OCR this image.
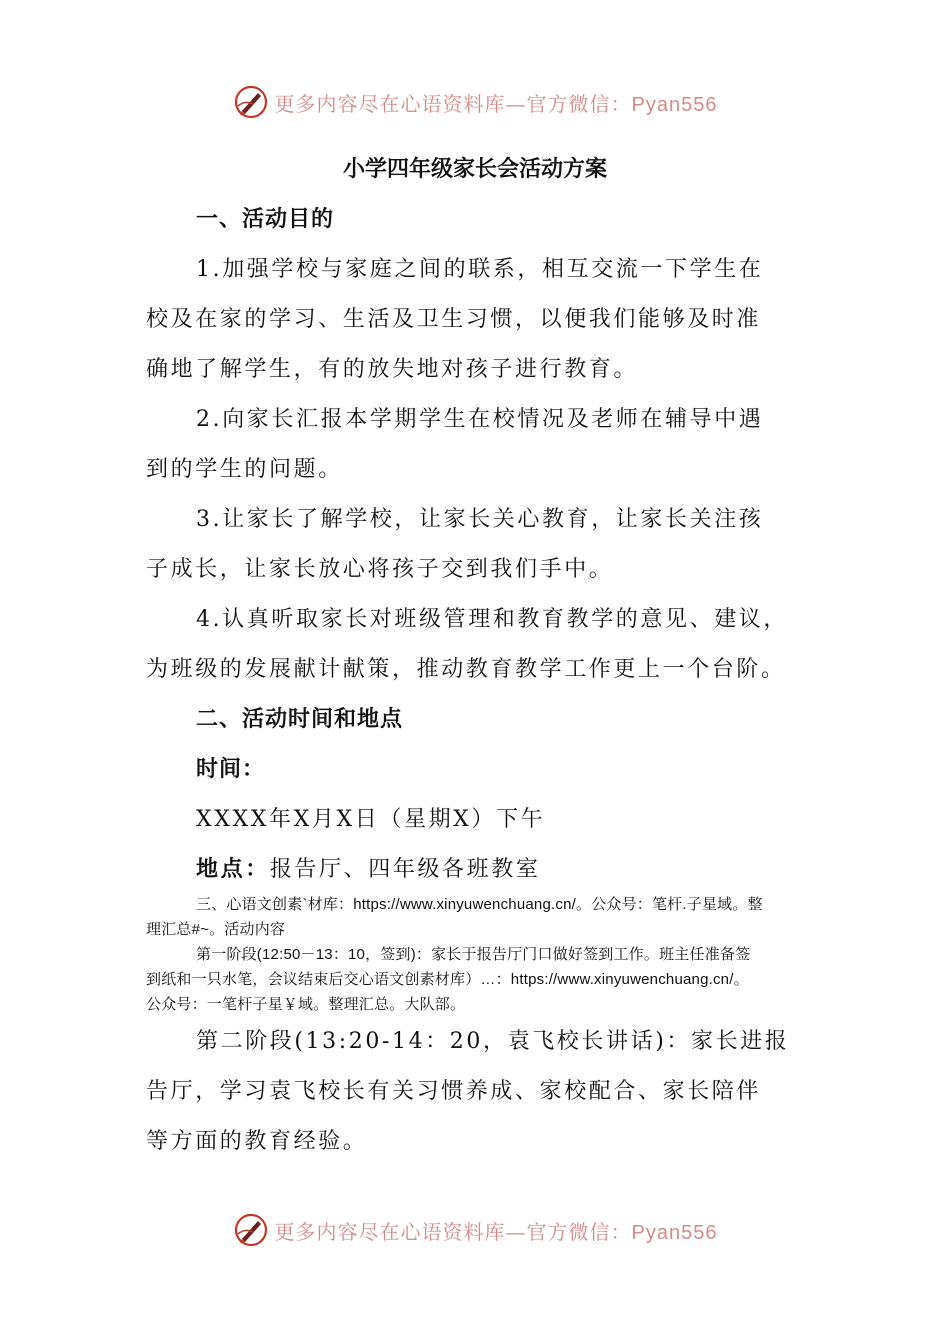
更多内容尽在心语资料库—官方微信：Pyan556
小学四年级家长会活动方案
一、活动目的
1.加强学校与家庭之间的联系，相互交流一下学生在
校及在家的学习、生活及卫生习惯，以便我们能够及时准
确地了解学生，有的放失地对孩子进行教育。
2.向家长汇报本学期学生在校情况及老师在辅导中遇
到的学生的问题。
3.让家长了解学校，让家长关心教育，让家长关注孩
子成长，让家长放心将孩子交到我们手中。
4.认真听取家长对班级管理和教育教学的意见、建议，
为班级的发展献计献策，推动教育教学工作更上一个台阶。
二、活动时间和地点
时间：
XXXX年X月X日（星期X）下午
地点：报告厅、四年级各班教室
三、心语文创素`材库：https://www.xinyuwenchuang.cn/。公众号：笔杆.子星域。整
理汇总#~。活动内容
第一阶段(12:50－13：10，签到)：家长于报告厅门口做好签到工作。班主任准备签
到纸和一只水笔，会议结束后交心语文创素材库）…：https://www.xinyuwenchuang.cn/。
公众号：一笔杆子星￥域。整理汇总。大队部。
第二阶段(13:20-14：20，袁飞校长讲话)：家长进报
告厅，学习袁飞校长有关习惯养成、家校配合、家长陪伴
等方面的教育经验。
更多内容尽在心语资料库—官方微信：Pyan556
